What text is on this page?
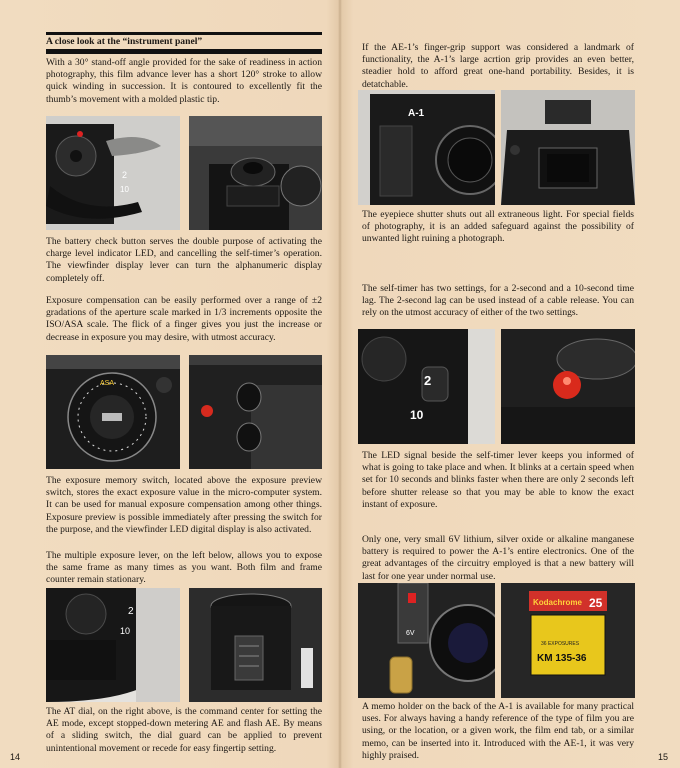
A close look at the “instrument panel”

With a 30° stand-off angle provided for the sake of readiness in action photography, this film advance lever has a short 120° stroke to allow quick winding in succession. It is contoured to excellently fit the thumb’s movement with a molded plastic tip.

2
10

The battery check button serves the double purpose of activating the charge level indicator LED, and cancelling the self-timer’s operation. The viewfinder display lever can turn the alphanumeric display completely off.

Exposure compensation can be easily performed over a range of ±2 gradations of the aperture scale marked in 1/3 increments opposite the ISO/ASA scale. The flick of a finger gives you just the increase or decrease in exposure you may desire, with utmost accuracy.

ASA

The exposure memory switch, located above the exposure preview switch, stores the exact exposure value in the micro-computer system. It can be used for manual exposure compensation among other things. Exposure preview is possible immediately after pressing the switch for the purpose, and the viewfinder LED digital display is also activated.

The multiple exposure lever, on the left below, allows you to expose the same frame as many times as you want. Both film and frame counter remain stationary.

2
10

The AT dial, on the right above, is the command center for setting the AE mode, except stopped-down metering AE and flash AE. By means of a sliding switch, the dial guard can be applied to prevent unintentional movement or recede for easy fingertip setting.

14

If the AE-1’s finger-grip support was considered a landmark of functionality, the A-1’s large acrtion grip provides an even better, steadier hold to afford great one-hand portability. Besides, it is detatchable.

A-1

The eyepiece shutter shuts out all extraneous light. For special fields of photography, it is an added safeguard against the possibility of unwanted light ruining a photograph.

The self-timer has two settings, for a 2-second and a 10-second time lag. The 2-second lag can be used instead of a cable release. You can rely on the utmost accuracy of either of the two settings.

2
10

The LED signal beside the self-timer lever keeps you informed of what is going to take place and when. It blinks at a certain speed when set for 10 seconds and blinks faster when there are only 2 seconds left before shutter release so that you may be able to know the exact instant of exposure.

Only one, very small 6V lithium, silver oxide or alkaline manganese battery is required to power the A-1’s entire electronics. One of the great advantages of the circuitry employed is that a new battery will last for one year under normal use.

6V
Kodachrome 25
36 EXPOSURES
KM 135-36

A memo holder on the back of the A-1 is available for many practical uses. For always having a handy reference of the type of film you are using, or the location, or a given work, the film end tab, or a similar memo, can be inserted into it. Introduced with the AE-1, it was very highly praised.	15
